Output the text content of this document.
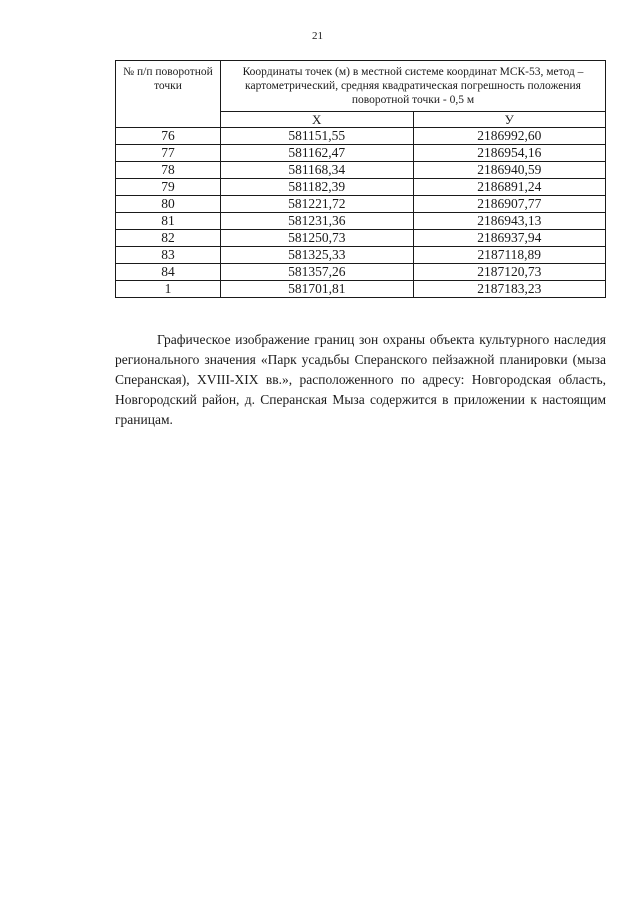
21
№ п/п поворотной точки	Координаты точек (м) в местной системе координат МСК-53, метод – картометрический, средняя квадратическая погрешность положения поворотной точки - 0,5 м	
	X	У
76	581151,55	2186992,60
77	581162,47	2186954,16
78	581168,34	2186940,59
79	581182,39	2186891,24
80	581221,72	2186907,77
81	581231,36	2186943,13
82	581250,73	2186937,94
83	581325,33	2187118,89
84	581357,26	2187120,73
1	581701,81	2187183,23

Графическое изображение границ зон охраны объекта культурного наследия регионального значения «Парк усадьбы Сперанского пейзажной планировки (мыза Сперанская), XVIII-XIX вв.», расположенного по адресу: Новгородская область, Новгородский район, д. Сперанская Мыза содержится в приложении к настоящим границам.
